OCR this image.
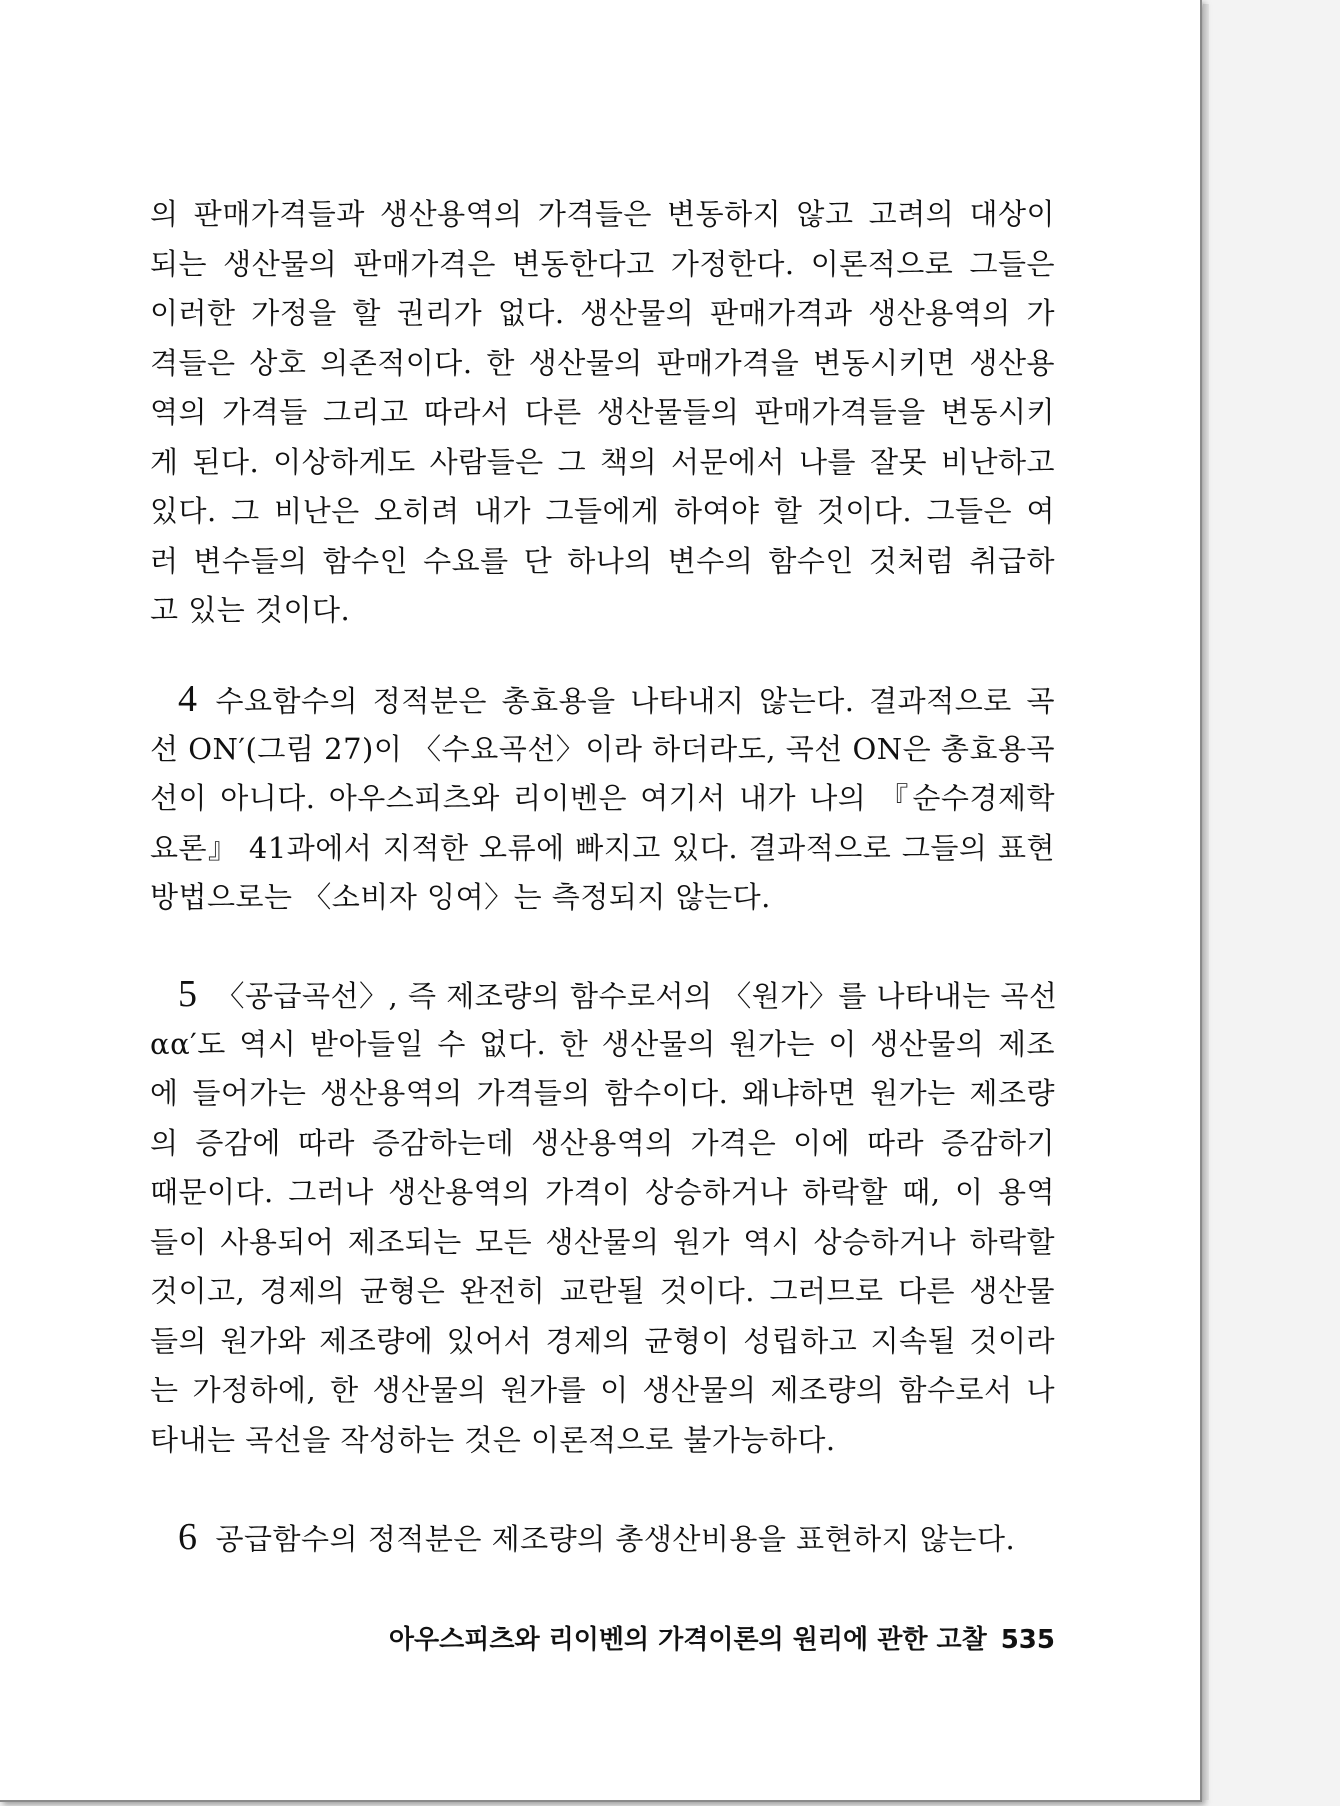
의 판매가격들과 생산용역의 가격들은 변동하지 않고 고려의 대상이
되는 생산물의 판매가격은 변동한다고 가정한다. 이론적으로 그들은
이러한 가정을 할 권리가 없다. 생산물의 판매가격과 생산용역의 가
격들은 상호 의존적이다. 한 생산물의 판매가격을 변동시키면 생산용
역의 가격들 그리고 따라서 다른 생산물들의 판매가격들을 변동시키
게 된다. 이상하게도 사람들은 그 책의 서문에서 나를 잘못 비난하고
있다. 그 비난은 오히려 내가 그들에게 하여야 할 것이다. 그들은 여
러 변수들의 함수인 수요를 단 하나의 변수의 함수인 것처럼 취급하
고 있는 것이다.
4 수요함수의 정적분은 총효용을 나타내지 않는다. 결과적으로 곡
선 ON′(그림 27)이 〈수요곡선〉이라 하더라도, 곡선 ON은 총효용곡
선이 아니다. 아우스피츠와 리이벤은 여기서 내가 나의 『순수경제학
요론』 41과에서 지적한 오류에 빠지고 있다. 결과적으로 그들의 표현
방법으로는 〈소비자 잉여〉는 측정되지 않는다.
5 〈공급곡선〉, 즉 제조량의 함수로서의 〈원가〉를 나타내는 곡선
αα′도 역시 받아들일 수 없다. 한 생산물의 원가는 이 생산물의 제조
에 들어가는 생산용역의 가격들의 함수이다. 왜냐하면 원가는 제조량
의 증감에 따라 증감하는데 생산용역의 가격은 이에 따라 증감하기
때문이다. 그러나 생산용역의 가격이 상승하거나 하락할 때, 이 용역
들이 사용되어 제조되는 모든 생산물의 원가 역시 상승하거나 하락할
것이고, 경제의 균형은 완전히 교란될 것이다. 그러므로 다른 생산물
들의 원가와 제조량에 있어서 경제의 균형이 성립하고 지속될 것이라
는 가정하에, 한 생산물의 원가를 이 생산물의 제조량의 함수로서 나
타내는 곡선을 작성하는 것은 이론적으로 불가능하다.
6 공급함수의 정적분은 제조량의 총생산비용을 표현하지 않는다.
아우스피츠와 리이벤의 가격이론의 원리에 관한 고찰 535
